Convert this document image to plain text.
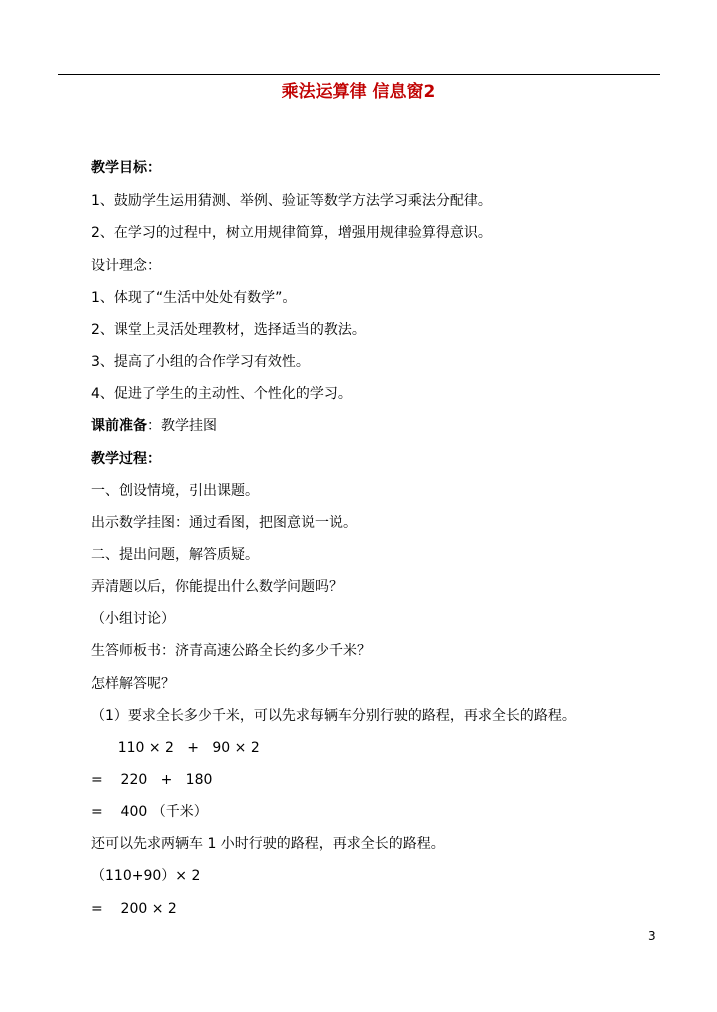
乘法运算律 信息窗2
教学目标：
1、鼓励学生运用猜测、举例、验证等数学方法学习乘法分配律。
2、在学习的过程中，树立用规律简算，增强用规律验算得意识。
设计理念：
1、体现了“生活中处处有数学”。
2、课堂上灵活处理教材，选择适当的教法。
3、提高了小组的合作学习有效性。
4、促进了学生的主动性、个性化的学习。
课前准备：教学挂图
教学过程：
一、创设情境，引出课题。
出示数学挂图：通过看图，把图意说一说。
二、提出问题，解答质疑。
弄清题以后，你能提出什么数学问题吗？
（小组讨论）
生答师板书：济青高速公路全长约多少千米？
怎样解答呢？
（1）要求全长多少千米，可以先求每辆车分别行驶的路程，再求全长的路程。
110 × 2   +   90 × 2
=    220   +   180
=    400 （千米）
还可以先求两辆车 1 小时行驶的路程，再求全长的路程。
（110+90）× 2
=    200 × 2
3
